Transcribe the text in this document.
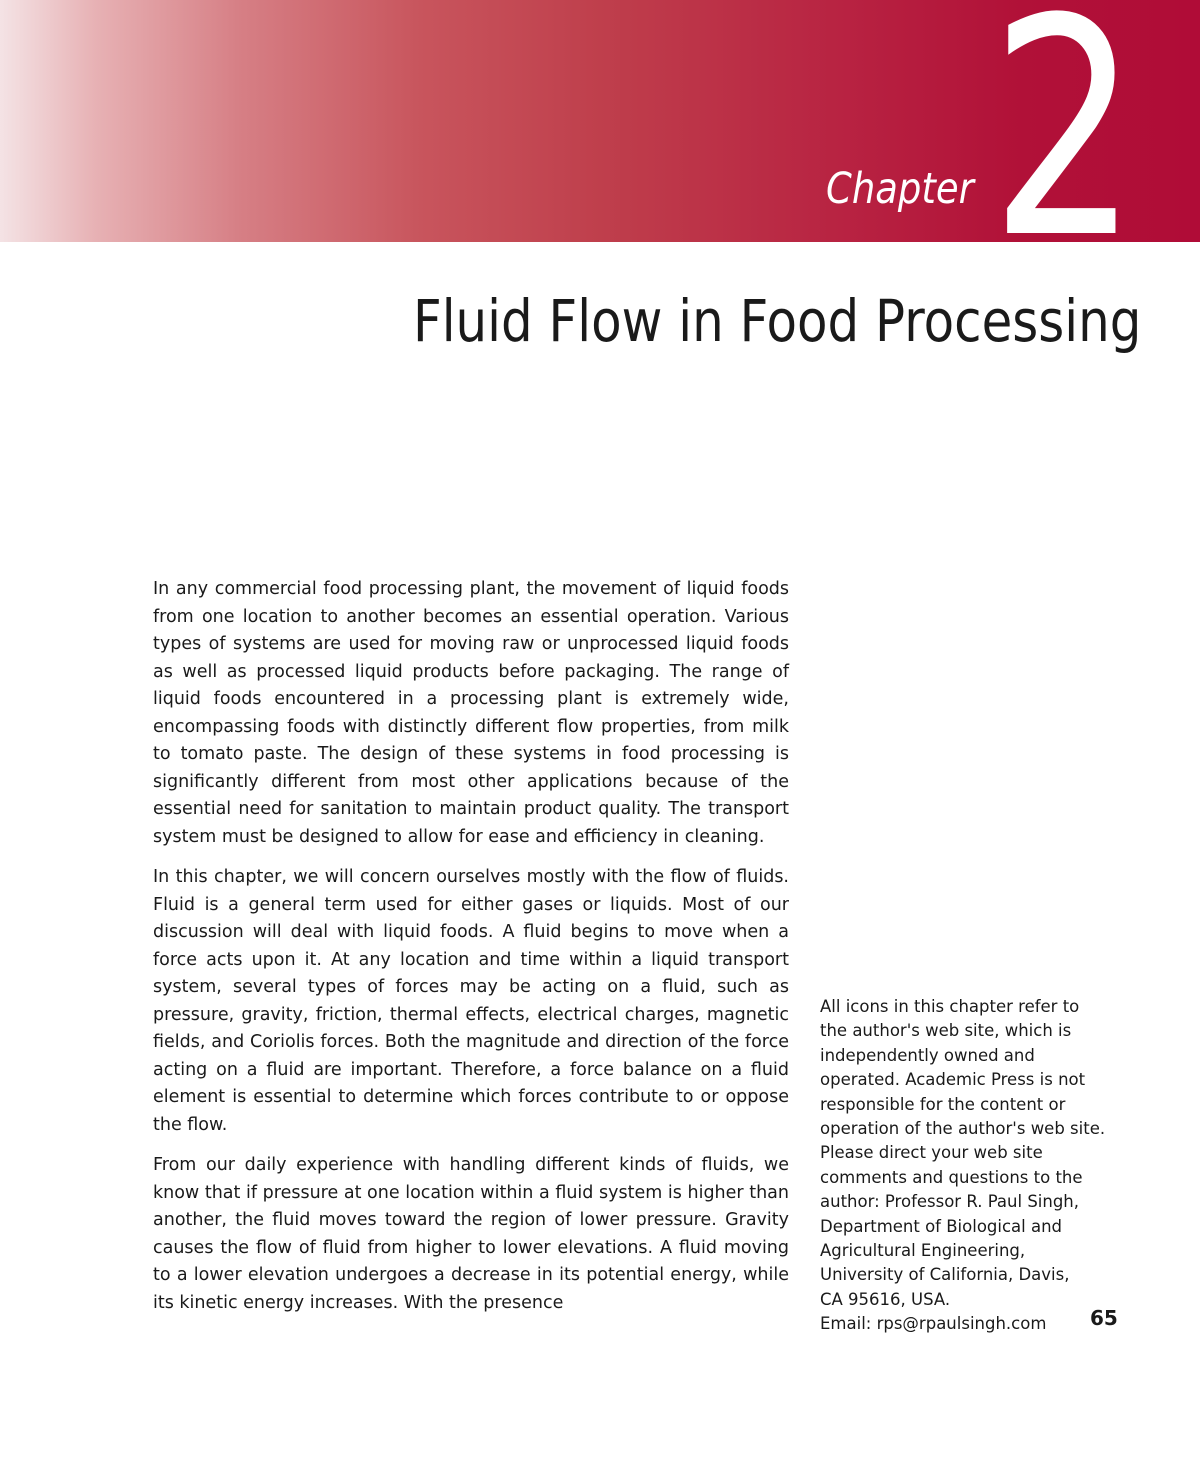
Chapter 2
Fluid Flow in Food Processing

In any commercial food processing plant, the movement of liquid foods from one location to another becomes an essential operation. Various types of systems are used for moving raw or unprocessed liquid foods as well as processed liquid products before packaging. The range of liquid foods encountered in a processing plant is extremely wide, encompassing foods with distinctly different flow properties, from milk to tomato paste. The design of these systems in food processing is significantly different from most other applications because of the essential need for sanitation to maintain product quality. The transport system must be designed to allow for ease and efficiency in cleaning.

In this chapter, we will concern ourselves mostly with the flow of fluids. Fluid is a general term used for either gases or liquids. Most of our discussion will deal with liquid foods. A fluid begins to move when a force acts upon it. At any location and time within a liquid transport system, several types of forces may be acting on a fluid, such as pressure, gravity, friction, thermal effects, electrical charges, magnetic fields, and Coriolis forces. Both the magnitude and direction of the force acting on a fluid are important. Therefore, a force balance on a fluid element is essential to determine which forces contribute to or oppose the flow.

From our daily experience with handling different kinds of fluids, we know that if pressure at one location within a fluid system is higher than another, the fluid moves toward the region of lower pressure. Gravity causes the flow of fluid from higher to lower elevations. A fluid moving to a lower elevation undergoes a decrease in its potential energy, while its kinetic energy increases. With the presence

All icons in this chapter refer to
the author's web site, which is
independently owned and
operated. Academic Press is not
responsible for the content or
operation of the author's web site.
Please direct your web site
comments and questions to the
author: Professor R. Paul Singh,
Department of Biological and
Agricultural Engineering,
University of California, Davis,
CA 95616, USA.
Email: rps@rpaulsingh.com	65
